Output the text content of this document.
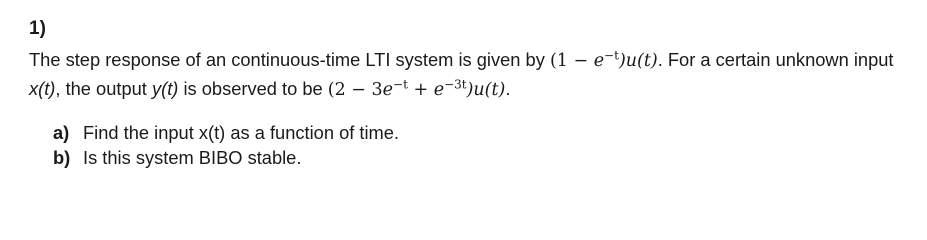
1)
The step response of an continuous-time LTI system is given by $(1 - e^{-t})u(t)$. For a certain unknown input
x(t), the output y(t) is observed to be $(2 - 3e^{-t} + e^{-3t})u(t)$.
a) Find the input x(t) as a function of time.
b) Is this system BIBO stable.
